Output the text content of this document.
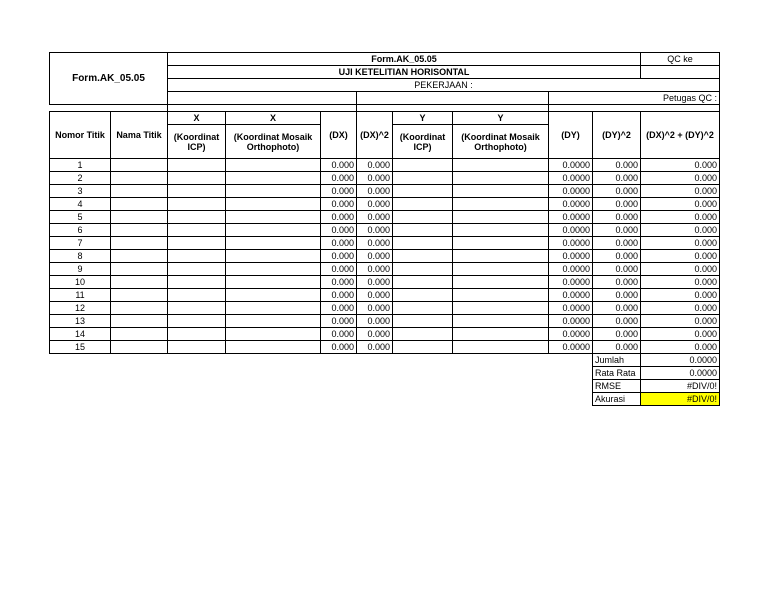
Form.AK_05.05		Form.AK_05.05								QC ke
		UJI KETELITIAN HORISONTAL								
		PEKERJAAN :								
								Petugas QC :		

Nomor Titik	Nama Titik	X	X	(DX)	(DX)^2	Y	Y	(DY)	(DY)^2	(DX)^2 + (DY)^2
		(Koordinat ICP)	(Koordinat Mosaik Orthophoto)			(Koordinat ICP)	(Koordinat Mosaik Orthophoto)			
1				0.000	0.000			0.0000	0.000	0.000
2				0.000	0.000			0.0000	0.000	0.000
3				0.000	0.000			0.0000	0.000	0.000
4				0.000	0.000			0.0000	0.000	0.000
5				0.000	0.000			0.0000	0.000	0.000
6				0.000	0.000			0.0000	0.000	0.000
7				0.000	0.000			0.0000	0.000	0.000
8				0.000	0.000			0.0000	0.000	0.000
9				0.000	0.000			0.0000	0.000	0.000
10				0.000	0.000			0.0000	0.000	0.000
11				0.000	0.000			0.0000	0.000	0.000
12				0.000	0.000			0.0000	0.000	0.000
13				0.000	0.000			0.0000	0.000	0.000
14				0.000	0.000			0.0000	0.000	0.000
15				0.000	0.000			0.0000	0.000	0.000
									Jumlah	0.0000
									Rata Rata	0.0000
									RMSE	#DIV/0!
									Akurasi	#DIV/0!
